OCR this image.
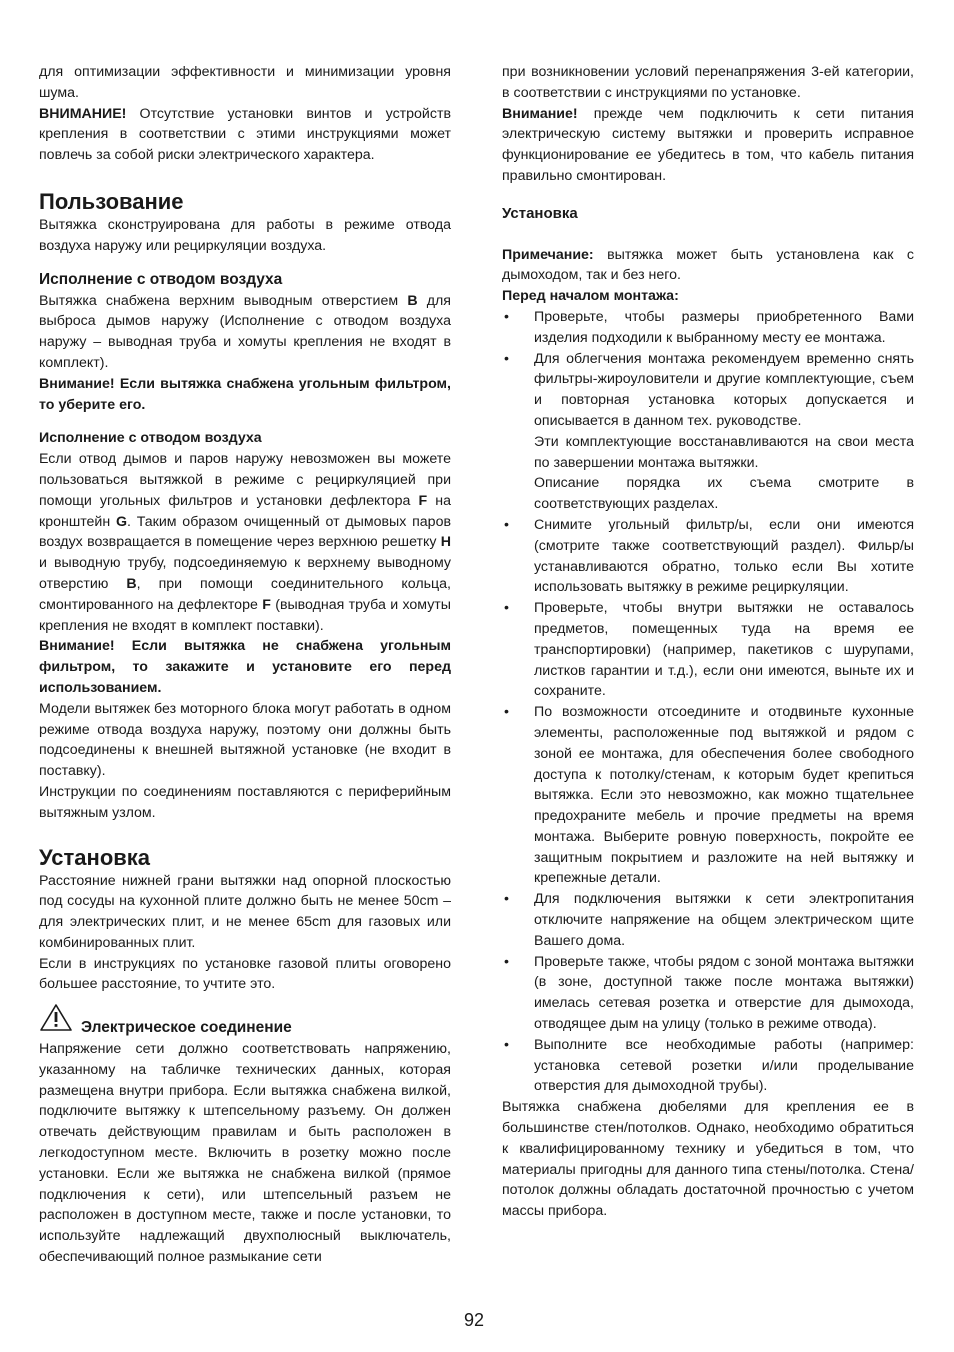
для оптимизации эффективности и минимизации уровня шума.

ВНИМАНИЕ! Отсутствие установки винтов и устройств крепления в соответствии с этими инструкциями может повлечь за собой риски электрического характера.

Пользование

Вытяжка сконструирована для работы в режиме отвода воздуха наружу или рециркуляции воздуха.

Исполнение с отводом воздуха

Вытяжка снабжена верхним выводным отверстием B для выброса дымов наружу (Исполнение с отводом воздуха наружу – выводная труба и хомуты крепления не входят в комплект).

Внимание! Если вытяжка снабжена угольным фильтром, то уберите его.

Исполнение с отводом воздуха

Если отвод дымов и паров наружу невозможен вы можете пользоваться вытяжкой в режиме с рециркуляцией при помощи угольных фильтров и установки дефлектора F на кронштейн G. Таким образом очищенный от дымовых паров воздух возвращается в помещение через верхнюю решетку H и выводную трубу, подсоединяемую к верхнему выводному отверстию B, при помощи соединительного кольца, смонтированного на дефлекторе F (выводная труба и хомуты крепления не входят в комплект поставки).

Внимание! Если вытяжка не снабжена угольным фильтром, то закажите и установите его перед использованием.

Модели вытяжек без моторного блока могут работать в одном режиме отвода воздуха наружу, поэтому они должны быть подсоединены к внешней вытяжной установке (не входит в поставку).

Инструкции по соединениям поставляются с периферийным вытяжным узлом.

Установка

Расстояние нижней грани вытяжки над опорной плоскостью под сосуды на кухонной плите должно быть не менее 50cm – для электрических плит, и не менее 65cm для газовых или комбинированных плит.

Если в инструкциях по установке газовой плиты оговорено большее расстояние, то учтите это.

Электрическое соединение

Напряжение сети должно соответствовать напряжению, указанному на табличке технических данных, которая размещена внутри прибора. Если вытяжка снабжена вилкой, подключите вытяжку к штепсельному разъему. Он должен отвечать действующим правилам и быть расположен в легкодоступном месте. Включить в розетку можно после установки. Если же вытяжка не снабжена вилкой (прямое подключения к сети), или штепсельный разъем не расположен в доступном месте, также и после установки, то используйте надлежащий двухполюсный выключатель, обеспечивающий полное размыкание сети

при возникновении условий перенапряжения 3-ей категории, в соответствии с инструкциями по установке.

Внимание! прежде чем подключить к сети питания электрическую систему вытяжки и проверить исправное функционирование ее убедитесь в том, что кабель питания правильно смонтирован.

Установка

Примечание: вытяжка может быть установлена как с дымоходом, так и без него.

Перед началом монтажа:

• Проверьте, чтобы размеры приобретенного Вами изделия подходили к выбранному месту ее монтажа.

• Для облегчения монтажа рекомендуем временно снять фильтры-жироуловители и другие комплектующие, съем и повторная установка которых допускается и описывается в данном тех. руководстве.

Эти комплектующие восстанавливаются на свои места по завершении монтажа вытяжки.

Описание порядка их съема смотрите в соответствующих разделах.

• Снимите угольный фильтр/ы, если они имеются (смотрите также соответствующий раздел). Фильр/ы устанавливаются обратно, только если Вы хотите использовать вытяжку в режиме рециркуляции.
• Проверьте, чтобы внутри вытяжки не оставалось предметов, помещенных туда на время ее транспортировки) (например, пакетиков с шурупами, листков гарантии и т.д.), если они имеются, выньте их и сохраните.
• По возможности отсоедините и отодвиньте кухонные элементы, расположенные под вытяжкой и рядом с зоной ее монтажа, для обеспечения более свободного доступа к потолку/стенам, к которым будет крепиться вытяжка. Если это невозможно, как можно тщательнее предохраните мебель и прочие предметы на время монтажа. Выберите ровную поверхность, покройте ее защитным покрытием и разложите на ней вытяжку и крепежные детали.
• Для подключения вытяжки к сети электропитания отключите напряжение на общем электрическом щите Вашего дома.
• Проверьте также, чтобы рядом с зоной монтажа вытяжки (в зоне, доступной также после монтажа вытяжки) имелась сетевая розетка и отверстие для дымохода, отводящее дым на улицу (только в режиме отвода).
• Выполните все необходимые работы (например: установка сетевой розетки и/или проделывание отверстия для дымоходной трубы).

Вытяжка снабжена дюбелями для крепления ее в большинстве стен/потолков. Однако, необходимо обратиться к квалифицированному технику и убедиться в том, что материалы пригодны для данного типа стены/потолка. Стена/потолок должны обладать достаточной прочностью с учетом массы прибора.

92
